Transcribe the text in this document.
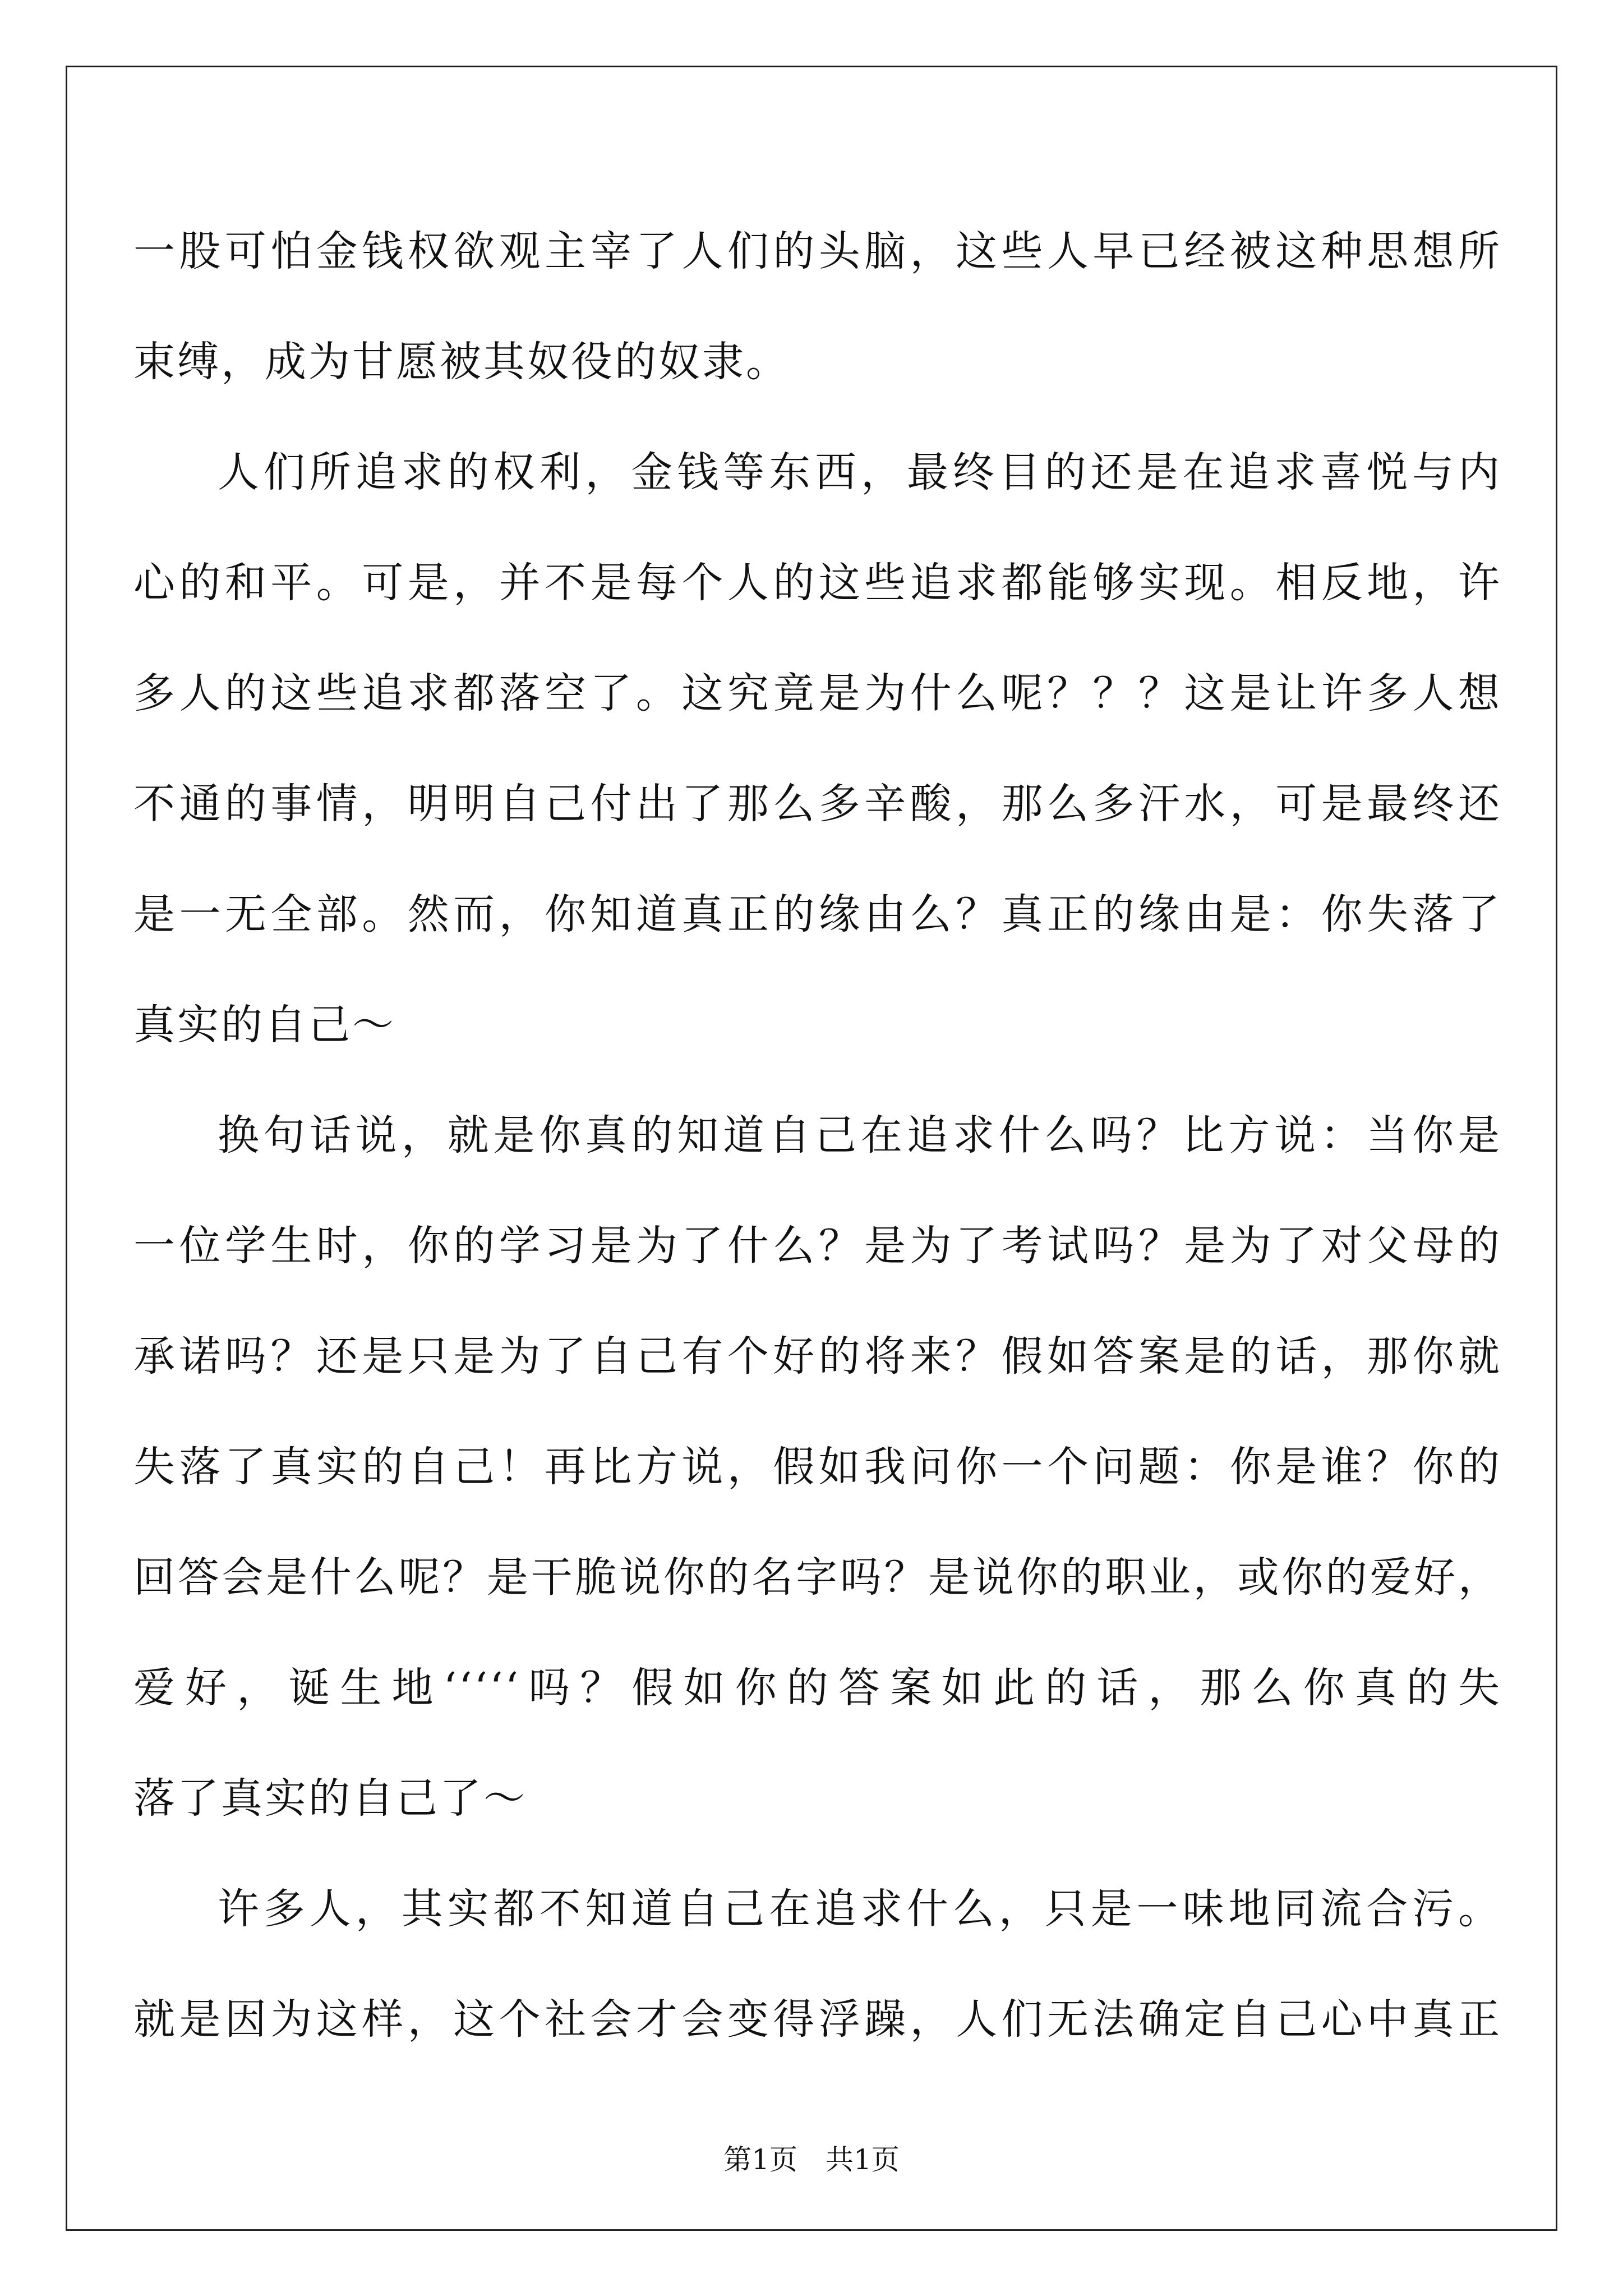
一股可怕金钱权欲观主宰了人们的头脑，这些人早已经被这种思想所
束缚，成为甘愿被其奴役的奴隶。
人们所追求的权利，金钱等东西，最终目的还是在追求喜悦与内
心的和平。可是，并不是每个人的这些追求都能够实现。相反地，许
多人的这些追求都落空了。这究竟是为什么呢？？？这是让许多人想
不通的事情，明明自己付出了那么多辛酸，那么多汗水，可是最终还
是一无全部。然而，你知道真正的缘由么？真正的缘由是：你失落了
真实的自己～
换句话说，就是你真的知道自己在追求什么吗？比方说：当你是
一位学生时，你的学习是为了什么？是为了考试吗？是为了对父母的
承诺吗？还是只是为了自己有个好的将来？假如答案是的话，那你就
失落了真实的自己！再比方说，假如我问你一个问题：你是谁？你的
回答会是什么呢？是干脆说你的名字吗？是说你的职业，或你的爱好，
爱好，诞生地‘‘‘‘‘吗？假如你的答案如此的话，那么你真的失
落了真实的自己了～
许多人，其实都不知道自己在追求什么，只是一味地同流合污。
就是因为这样，这个社会才会变得浮躁，人们无法确定自己心中真正
第1页 共1页
